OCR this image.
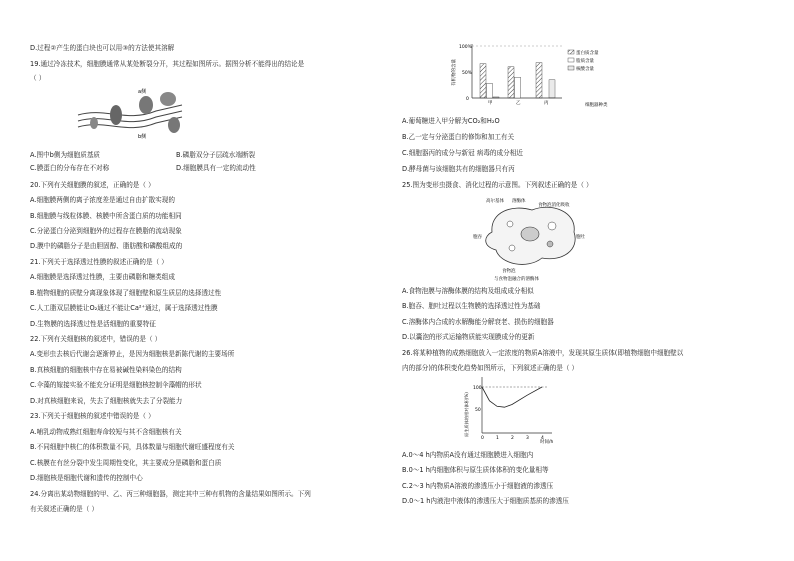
D.过程②产生的蛋白块也可以用③的方法使其溶解
19.通过冷冻技术，细胞膜通常从某处断裂分开，其过程如图所示。据图分析不能得出的结论是
（ ）
a侧
b侧
A.图中b侧为细胞质基质	B.磷脂双分子层疏水端断裂
C.膜蛋白的分布存在不对称	D.细胞膜具有一定的流动性
20.下列有关细胞膜的叙述，正确的是（ ）
A.细胞膜两侧的离子浓度差是通过自由扩散实现的
B.细胞膜与线粒体膜、核膜中所含蛋白质的功能相同
C.分泌蛋白分泌到细胞外的过程存在膜脂的流动现象
D.膜中的磷脂分子是由胆固醇、脂肪酸和磷酸组成的
21.下列关于选择透过性膜的叙述正确的是（ ）
A.细胞膜是选择透过性膜，主要由磷脂和糖类组成
B.植物细胞的质壁分离现象体现了细胞壁和原生质层的选择透过性
C.人工脂双层膜能让O₂通过不能让Ca²⁺通过，属于选择透过性膜
D.生物膜的选择透过性是活细胞的重要特征
22.下列有关细胞核的叙述中，错误的是（ ）
A.变形虫去核后代谢会逐渐停止，是因为细胞核是新陈代谢的主要场所
B.真核细胞的细胞核中存在易被碱性染料染色的结构
C.伞藻的嫁接实验不能充分证明是细胞核控制伞藻帽的形状
D.对真核细胞来说，失去了细胞核就失去了分裂能力
23.下列关于细胞核的叙述中错误的是（ ）
A.哺乳动物成熟红细胞寿命较短与其不含细胞核有关
B.不同细胞中核仁的体积数量不同，具体数量与细胞代谢旺盛程度有关
C.核膜在有丝分裂中发生周期性变化，其主要成分是磷脂和蛋白质
D.细胞核是细胞代谢和遗传的控制中心
24.分离出某动物细胞的甲、乙、丙三种细胞器，测定其中三种有机物的含量结果如图所示。下列
有关叙述正确的是（ ）
有机物的含量
100%
50%
0
甲	乙	丙	细胞器种类
蛋白质含量
脂质含量
核酸含量
A.葡萄糖进入甲分解为CO₂和H₂O
B.乙一定与分泌蛋白的修饰和加工有关
C.细胞器丙的成分与新冠 病毒的成分相近
D.酵母菌与该细胞共有的细胞器只有丙
25.图为变形虫摄食、消化过程的示意图。下列叙述正确的是（ ）
高尔基体 溶酶体
食物泡消化吸收
胞吞	胞吐
食物泡
与食物泡融合的溶酶体
A.食物泡膜与溶酶体膜的结构及组成成分相似
B.胞吞、胞吐过程以生物膜的选择透过性为基础
C.溶酶体内合成的水解酶能分解衰老、损伤的细胞器
D.以囊泡的形式运输物质能实现膜成分的更新
26.将某种植物的成熟细胞放入一定浓度的物质A溶液中，发现其原生质体(即植物细胞中细胞壁以
内的部分)的体积变化趋势如图所示，下列叙述正确的是（ ）
原生质体的相对体积(%)
100
50
0	1	2	3	4
时间/h
A.0～4 h内物质A没有通过细胞膜进入细胞内
B.0～1 h内细胞体积与原生质体体积的变化量相等
C.2～3 h内物质A溶液的渗透压小于细胞液的渗透压
D.0～1 h内液泡中液体的渗透压大于细胞质基质的渗透压
